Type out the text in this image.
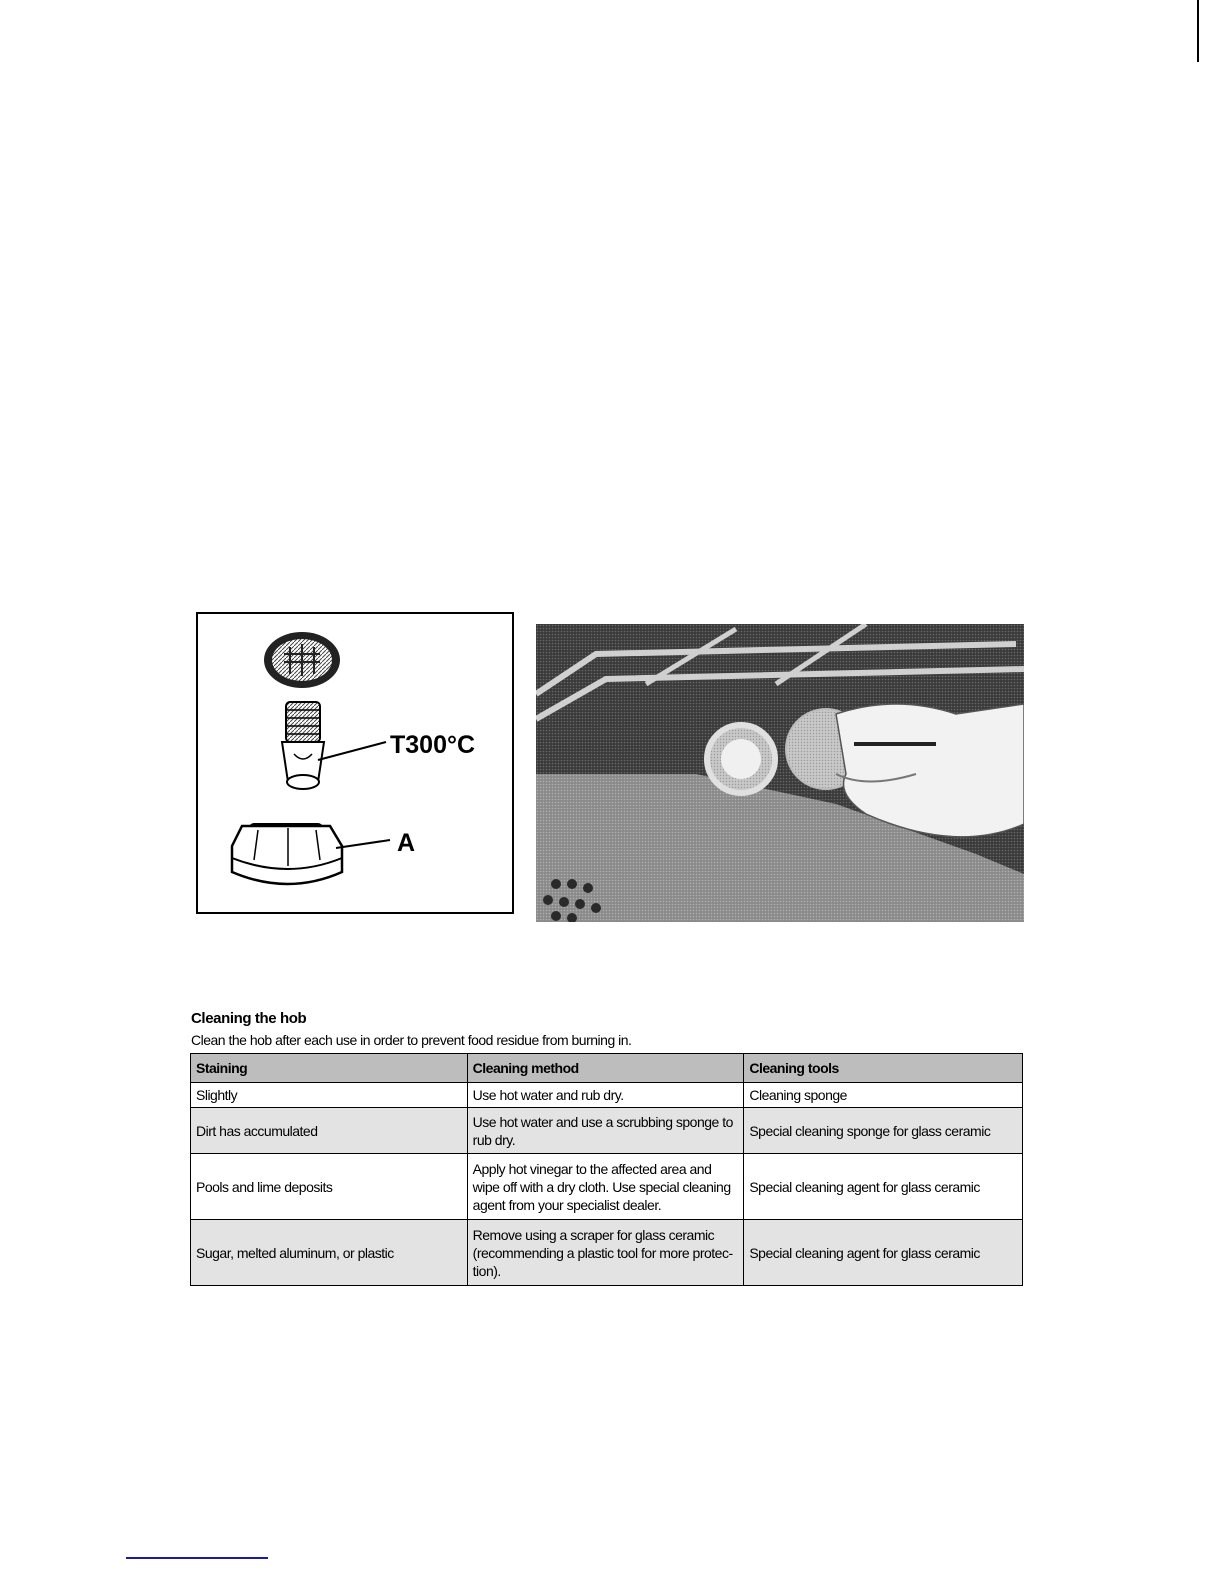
T300°C
A
Cleaning the hob
Clean the hob after each use in order to prevent food residue from burning in.
Staining	Cleaning method	Cleaning tools
Slightly	Use hot water and rub dry.	Cleaning sponge
Dirt has accumulated	Use hot water and use a scrubbing sponge to rub dry.	Special cleaning sponge for glass ceramic
Pools and lime deposits	Apply hot vinegar to the affected area and wipe off with a dry cloth. Use special cleaning agent from your specialist dealer.	Special cleaning agent for glass ceramic
Sugar, melted aluminum, or plastic	Remove using a scraper for glass ceramic (recommending a plastic tool for more protec-tion).	Special cleaning agent for glass ceramic
